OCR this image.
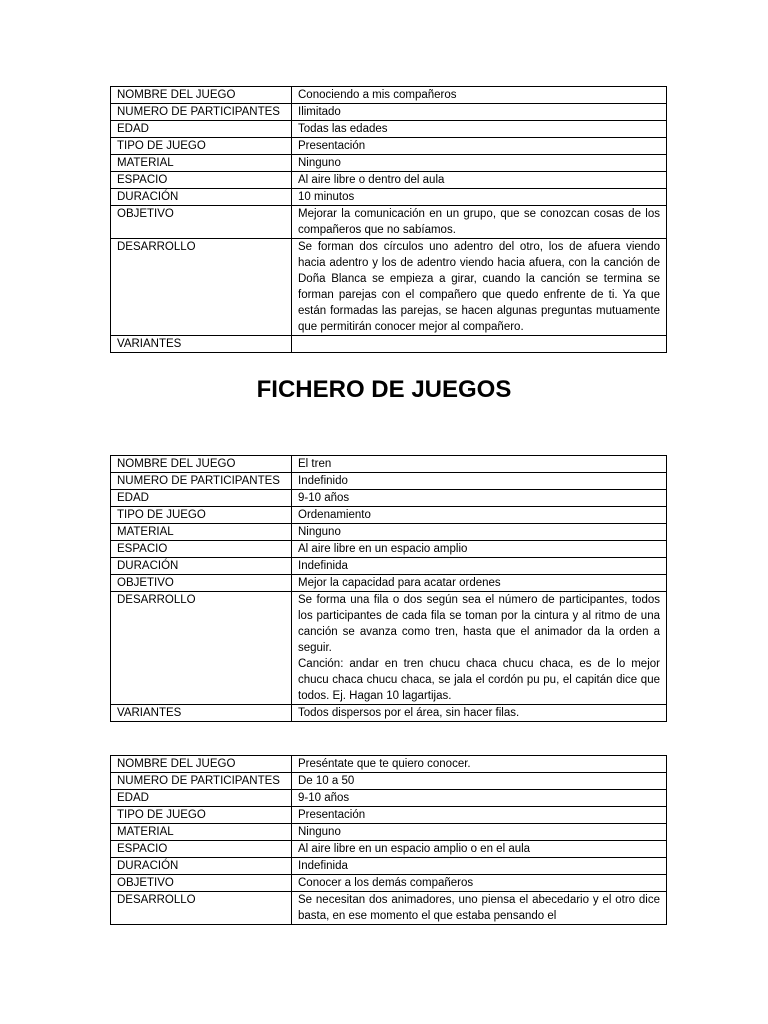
NOMBRE DEL JUEGO	Conociendo a mis compañeros
NUMERO DE PARTICIPANTES	Ilimitado
EDAD	Todas las edades
TIPO DE JUEGO	Presentación
MATERIAL	Ninguno
ESPACIO	Al aire libre o dentro del aula
DURACIÓN	10 minutos
OBJETIVO	Mejorar la comunicación en un grupo, que se conozcan cosas de los compañeros que no sabíamos.
DESARROLLO	Se forman dos círculos uno adentro del otro, los de afuera viendo hacia adentro y los de adentro viendo hacia afuera, con la canción de Doña Blanca se empieza a girar, cuando la canción se termina se forman parejas con el compañero que quedo enfrente de ti. Ya que están formadas las parejas, se hacen algunas preguntas mutuamente que permitirán conocer mejor al compañero.
VARIANTES	
FICHERO DE JUEGOS
NOMBRE DEL JUEGO	El tren
NUMERO DE PARTICIPANTES	Indefinido
EDAD	9-10 años
TIPO DE JUEGO	Ordenamiento
MATERIAL	Ninguno
ESPACIO	Al aire libre en un espacio amplio
DURACIÓN	Indefinida
OBJETIVO	Mejor la capacidad para acatar ordenes
DESARROLLO	Se forma una fila o dos según sea el número de participantes, todos los participantes de cada fila se toman por la cintura y al ritmo de una canción se avanza como tren, hasta que el animador da la orden a seguir.
Canción: andar en tren chucu chaca chucu chaca, es de lo mejor chucu chaca chucu chaca, se jala el cordón pu pu, el capitán dice que todos. Ej. Hagan 10 lagartijas.

VARIANTES	Todos dispersos por el área, sin hacer filas.
NOMBRE DEL JUEGO	Preséntate que te quiero conocer.
NUMERO DE PARTICIPANTES	De 10 a 50
EDAD	9-10 años
TIPO DE JUEGO	Presentación
MATERIAL	Ninguno
ESPACIO	Al aire libre en un espacio amplio o en el aula
DURACIÓN	Indefinida
OBJETIVO	Conocer a los demás compañeros
DESARROLLO	Se necesitan dos animadores, uno piensa el abecedario y el otro dice basta, en ese momento el que estaba pensando el
